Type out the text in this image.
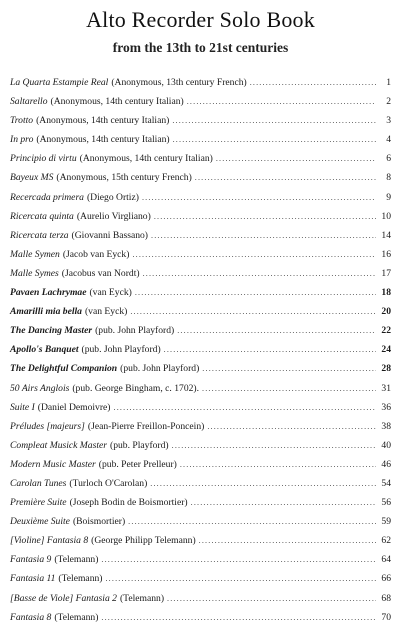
Alto Recorder Solo Book
from the 13th to 21st centuries
La Quarta Estampie Real (Anonymous, 13th century French) .....	1
Saltarello (Anonymous, 14th century Italian) .....	2
Trotto (Anonymous, 14th century Italian) .....	3
In pro (Anonymous, 14th century Italian) .....	4
Principio di virtu (Anonymous, 14th century Italian) .....	6
Bayeux MS (Anonymous, 15th century French) .....	8
Recercada primera (Diego Ortiz) .....	9
Ricercata quinta (Aurelio Virgliano) .....	10
Ricercata terza (Giovanni Bassano) .....	14
Malle Symen (Jacob van Eyck) .....	16
Malle Symes (Jacobus van Nordt) .....	17
Pavaen Lachrymae (van Eyck) .....	18
Amarilli mia bella (van Eyck) .....	20
The Dancing Master (pub. John Playford) .....	22
Apollo's Banquet (pub. John Playford) .....	24
The Delightful Companion (pub. John Playford) .....	28
50 Airs Anglois (pub. George Bingham, c. 1702). .....	31
Suite I (Daniel Demoivre) .....	36
Préludes [majeurs] (Jean-Pierre Freillon-Poncein) .....	38
Compleat Musick Master (pub. Playford) .....	40
Modern Music Master (pub. Peter Prelleur) .....	46
Carolan Tunes (Turloch O'Carolan) .....	54
Première Suite (Joseph Bodin de Boismortier) .....	56
Deuxième Suite (Boismortier) .....	59
[Violine] Fantasia 8 (George Philipp Telemann) .....	62
Fantasia 9 (Telemann) .....	64
Fantasia 11 (Telemann) .....	66
[Basse de Viole] Fantasia 2 (Telemann) .....	68
Fantasia 8 (Telemann) .....	70
